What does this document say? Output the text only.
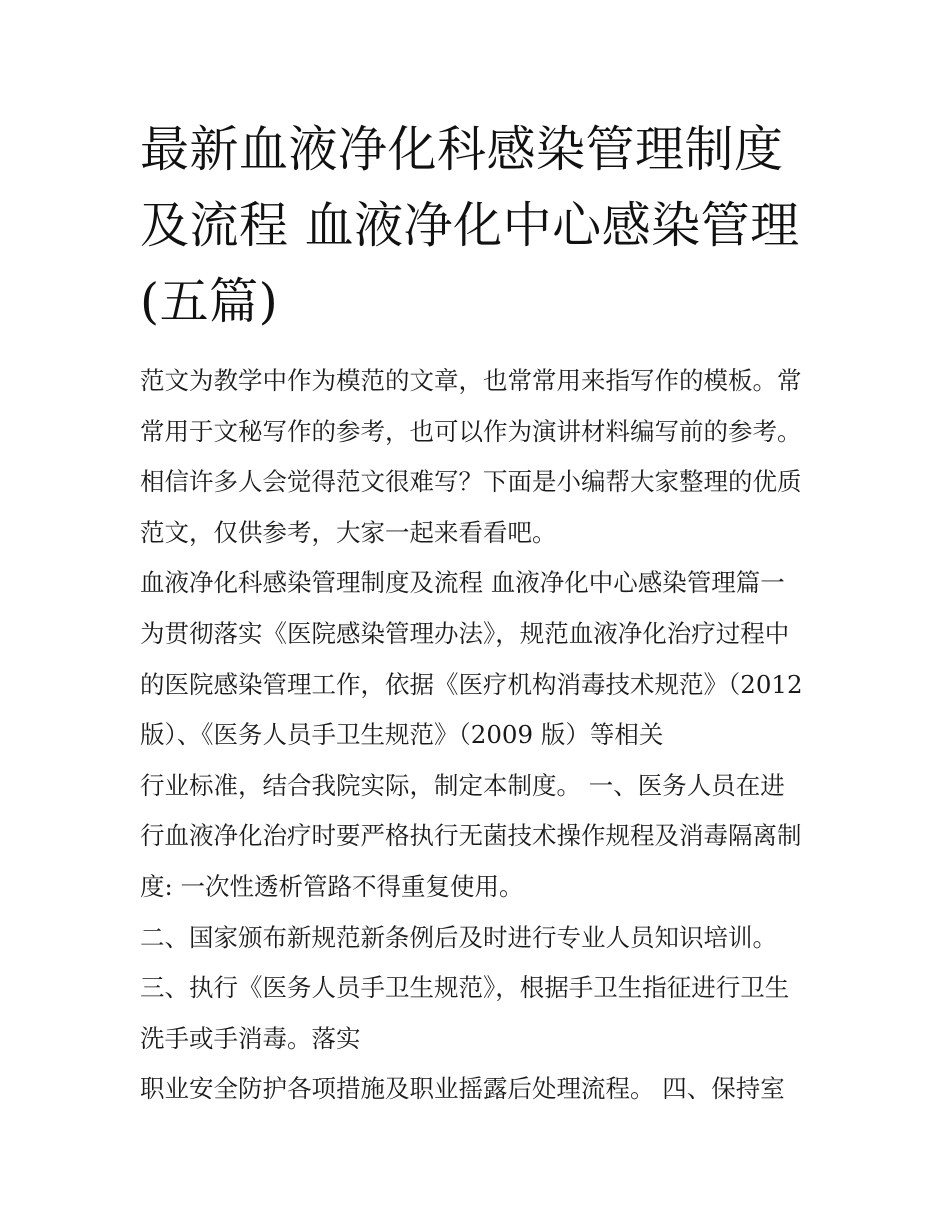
最新血液净化科感染管理制度
及流程 血液净化中心感染管理
(五篇)
范文为教学中作为模范的文章，也常常用来指写作的模板。常
常用于文秘写作的参考，也可以作为演讲材料编写前的参考。
相信许多人会觉得范文很难写？下面是小编帮大家整理的优质
范文，仅供参考，大家一起来看看吧。
血液净化科感染管理制度及流程 血液净化中心感染管理篇一
为贯彻落实《医院感染管理办法》，规范血液净化治疗过程中
的医院感染管理工作，依据《医疗机构消毒技术规范》（2012
版）、《医务人员手卫生规范》（2009 版）等相关
行业标准，结合我院实际，制定本制度。 一、医务人员在进
行血液净化治疗时要严格执行无菌技术操作规程及消毒隔离制
度: 一次性透析管路不得重复使用。
二、国家颁布新规范新条例后及时进行专业人员知识培训。
三、执行《医务人员手卫生规范》，根据手卫生指征进行卫生
洗手或手消毒。落实
职业安全防护各项措施及职业摇露后处理流程。 四、保持室
